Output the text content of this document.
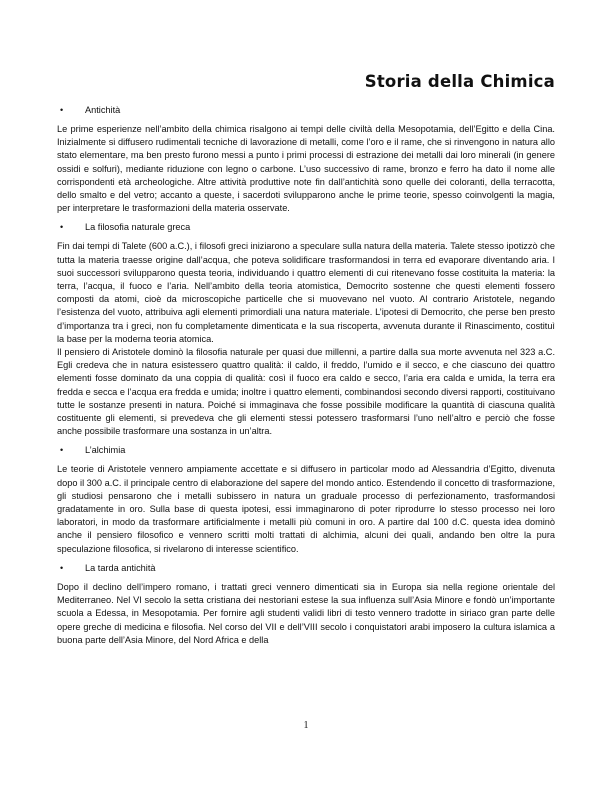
Storia della Chimica
• Antichità

Le prime esperienze nell’ambito della chimica risalgono ai tempi delle civiltà della Mesopotamia, dell’Egitto e della Cina. Inizialmente si diffusero rudimentali tecniche di lavorazione di metalli, come l’oro e il rame, che si rinvengono in natura allo stato elementare, ma ben presto furono messi a punto i primi processi di estrazione dei metalli dai loro minerali (in genere ossidi e solfuri), mediante riduzione con legno o carbone. L’uso successivo di rame, bronzo e ferro ha dato il nome alle corrispondenti età archeologiche. Altre attività produttive note fin dall’antichità sono quelle dei coloranti, della terracotta, dello smalto e del vetro; accanto a queste, i sacerdoti svilupparono anche le prime teorie, spesso coinvolgenti la magia, per interpretare le trasformazioni della materia osservate.

• La filosofia naturale greca

Fin dai tempi di Talete (600 a.C.), i filosofi greci iniziarono a speculare sulla natura della materia. Talete stesso ipotizzò che tutta la materia traesse origine dall’acqua, che poteva solidificare trasformandosi in terra ed evaporare diventando aria. I suoi successori svilupparono questa teoria, individuando i quattro elementi di cui ritenevano fosse costituita la materia: la terra, l’acqua, il fuoco e l’aria. Nell’ambito della teoria atomistica, Democrito sostenne che questi elementi fossero composti da atomi, cioè da microscopiche particelle che si muovevano nel vuoto. Al contrario Aristotele, negando l’esistenza del vuoto, attribuiva agli elementi primordiali una natura materiale. L’ipotesi di Democrito, che perse ben presto d’importanza tra i greci, non fu completamente dimenticata e la sua riscoperta, avvenuta durante il Rinascimento, costituì la base per la moderna teoria atomica.

Il pensiero di Aristotele dominò la filosofia naturale per quasi due millenni, a partire dalla sua morte avvenuta nel 323 a.C. Egli credeva che in natura esistessero quattro qualità: il caldo, il freddo, l’umido e il secco, e che ciascuno dei quattro elementi fosse dominato da una coppia di qualità: così il fuoco era caldo e secco, l’aria era calda e umida, la terra era fredda e secca e l’acqua era fredda e umida; inoltre i quattro elementi, combinandosi secondo diversi rapporti, costituivano tutte le sostanze presenti in natura. Poiché si immaginava che fosse possibile modificare la quantità di ciascuna qualità costituente gli elementi, si prevedeva che gli elementi stessi potessero trasformarsi l’uno nell’altro e perciò che fosse anche possibile trasformare una sostanza in un’altra.

• L’alchimia

Le teorie di Aristotele vennero ampiamente accettate e si diffusero in particolar modo ad Alessandria d’Egitto, divenuta dopo il 300 a.C. il principale centro di elaborazione del sapere del mondo antico. Estendendo il concetto di trasformazione, gli studiosi pensarono che i metalli subissero in natura un graduale processo di perfezionamento, trasformandosi gradatamente in oro. Sulla base di questa ipotesi, essi immaginarono di poter riprodurre lo stesso processo nei loro laboratori, in modo da trasformare artificialmente i metalli più comuni in oro. A partire dal 100 d.C. questa idea dominò anche il pensiero filosofico e vennero scritti molti trattati di alchimia, alcuni dei quali, andando ben oltre la pura speculazione filosofica, si rivelarono di interesse scientifico.

• La tarda antichità

Dopo il declino dell’impero romano, i trattati greci vennero dimenticati sia in Europa sia nella regione orientale del Mediterraneo. Nel VI secolo la setta cristiana dei nestoriani estese la sua influenza sull’Asia Minore e fondò un’importante scuola a Edessa, in Mesopotamia. Per fornire agli studenti validi libri di testo vennero tradotte in siriaco gran parte delle opere greche di medicina e filosofia. Nel corso del VII e dell’VIII secolo i conquistatori arabi imposero la cultura islamica a buona parte dell’Asia Minore, del Nord Africa e della

1
